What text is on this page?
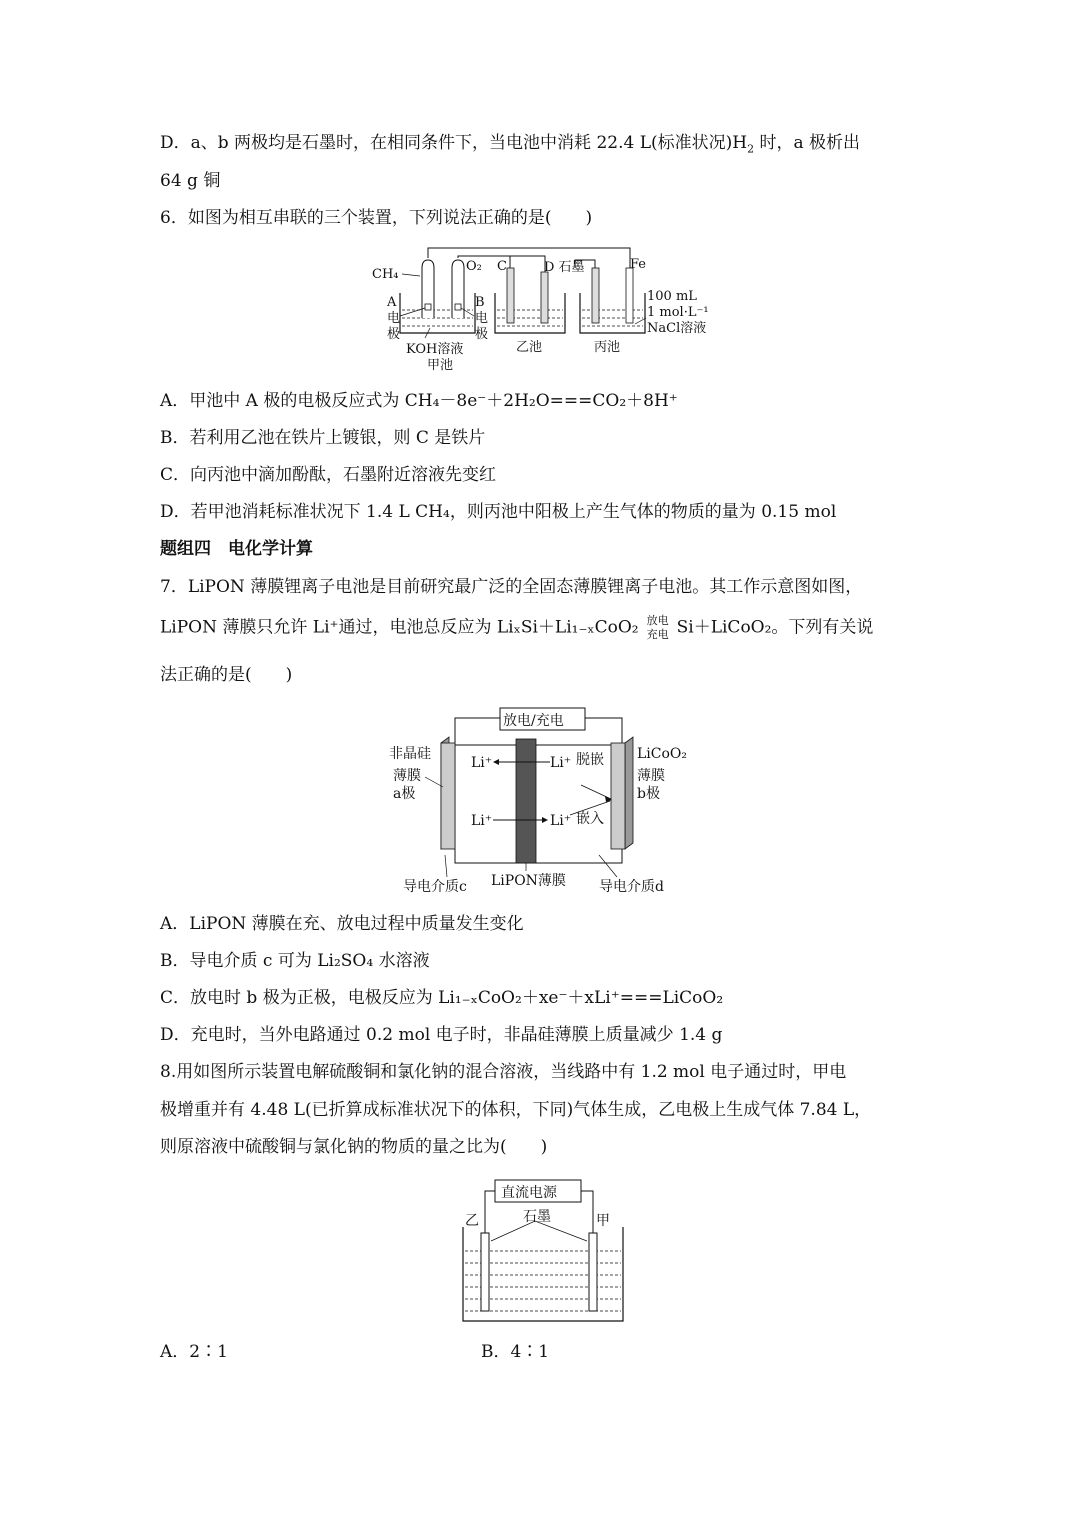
D．a、b 两极均是石墨时，在相同条件下，当电池中消耗 22.4 L(标准状况)$H_2$ 时，a 极析出
64 g 铜
6．如图为相互串联的三个装置，下列说法正确的是(　　)
CH₄
O₂ C	D 石墨	Fe
A
电
极
B
电
极
KOH溶液
甲池
乙池	丙池
100 mL
1 mol·L⁻¹
NaCl溶液
A．甲池中 A 极的电极反应式为 CH₄－8e⁻＋2H₂O===CO₂＋8H⁺
B．若利用乙池在铁片上镀银，则 C 是铁片
C．向丙池中滴加酚酞，石墨附近溶液先变红
D．若甲池消耗标准状况下 1.4 L CH₄，则丙池中阳极上产生气体的物质的量为 0.15 mol
题组四　电化学计算
7．LiPON 薄膜锂离子电池是目前研究最广泛的全固态薄膜锂离子电池。其工作示意图如图，
LiPON 薄膜只允许 Li⁺通过，电池总反应为 LiₓSi＋Li₁₋ₓCoO₂ 放电
充电 Si＋LiCoO₂。下列有关说
法正确的是(　　)
放电/充电
非晶硅
薄膜
a极
LiCoO₂
薄膜
b极
Li⁺	Li⁺
Li⁺	Li⁺
脱嵌
嵌入
导电介质c LiPON薄膜 导电介质d
A．LiPON 薄膜在充、放电过程中质量发生变化
B．导电介质 c 可为 Li₂SO₄ 水溶液
C．放电时 b 极为正极，电极反应为 Li₁₋ₓCoO₂＋xe⁻＋xLi⁺===LiCoO₂
D．充电时，当外电路通过 0.2 mol 电子时，非晶硅薄膜上质量减少 1.4 g
8.用如图所示装置电解硫酸铜和氯化钠的混合溶液，当线路中有 1.2 mol 电子通过时，甲电
极增重并有 4.48 L(已折算成标准状况下的体积，下同)气体生成，乙电极上生成气体 7.84 L，
则原溶液中硫酸铜与氯化钠的物质的量之比为(　　)
直流电源
乙	石墨	甲
A．2∶1	B．4∶1
